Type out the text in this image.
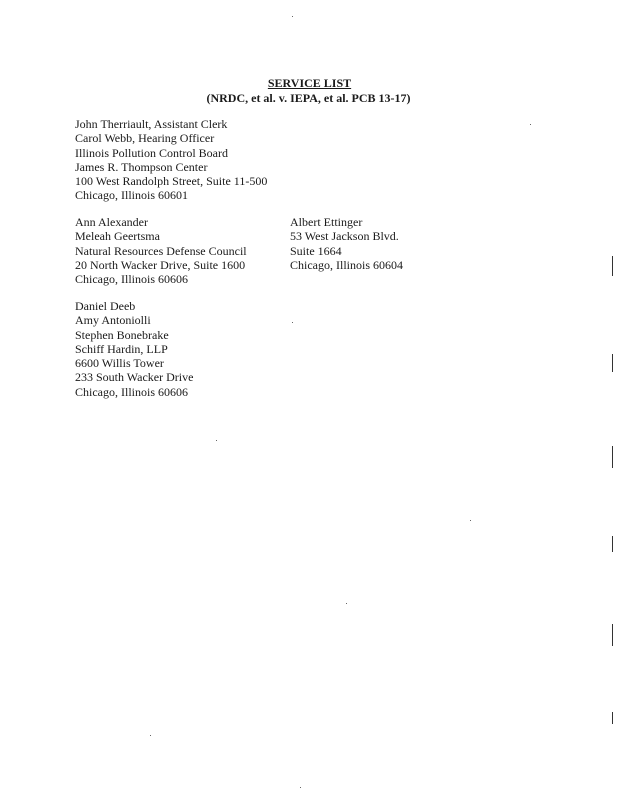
SERVICE LIST
(NRDC, et al. v. IEPA, et al. PCB 13-17)
John Therriault, Assistant Clerk
Carol Webb, Hearing Officer
Illinois Pollution Control Board
James R. Thompson Center
100 West Randolph Street, Suite 11-500
Chicago, Illinois 60601
Ann Alexander
Meleah Geertsma
Natural Resources Defense Council
20 North Wacker Drive, Suite 1600
Chicago, Illinois 60606
Albert Ettinger
53 West Jackson Blvd.
Suite 1664
Chicago, Illinois 60604
Daniel Deeb
Amy Antoniolli
Stephen Bonebrake
Schiff Hardin, LLP
6600 Willis Tower
233 South Wacker Drive
Chicago, Illinois 60606
